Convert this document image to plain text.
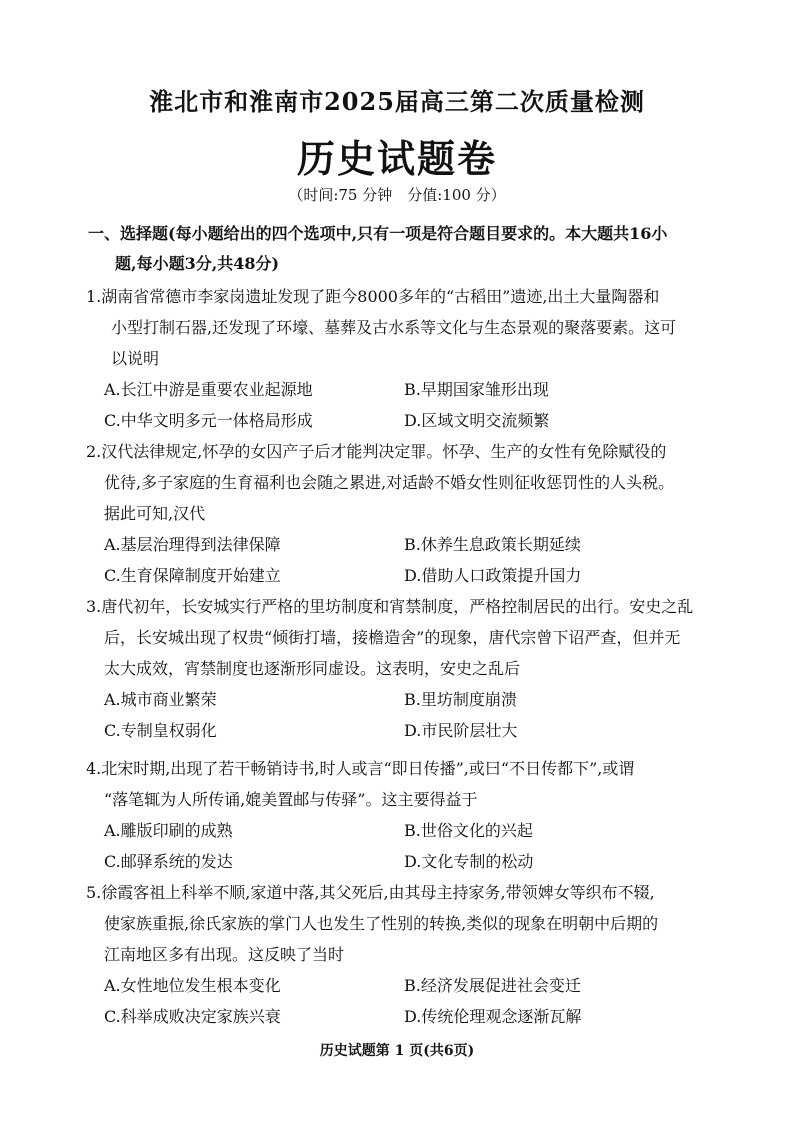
淮北市和淮南市2025届高三第二次质量检测
历史试题卷
（时间:75 分钟　分值:100 分）
一、选择题(每小题给出的四个选项中,只有一项是符合题目要求的。本大题共16小
题,每小题3分,共48分)
1.湖南省常德市李家岗遗址发现了距今8000多年的“古稻田”遗迹,出土大量陶器和
小型打制石器,还发现了环壕、墓葬及古水系等文化与生态景观的聚落要素。这可
以说明
A.长江中游是重要农业起源地	B.早期国家雏形出现
C.中华文明多元一体格局形成	D.区域文明交流频繁
2.汉代法律规定,怀孕的女囚产子后才能判决定罪。怀孕、生产的女性有免除赋役的
优待,多子家庭的生育福利也会随之累进,对适龄不婚女性则征收惩罚性的人头税。
据此可知,汉代
A.基层治理得到法律保障	B.休养生息政策长期延续
C.生育保障制度开始建立	D.借助人口政策提升国力
3.唐代初年，长安城实行严格的里坊制度和宵禁制度，严格控制居民的出行。安史之乱
后，长安城出现了权贵“倾街打墙，接檐造舍”的现象，唐代宗曾下诏严查，但并无
太大成效，宵禁制度也逐渐形同虚设。这表明，安史之乱后
A.城市商业繁荣	B.里坊制度崩溃
C.专制皇权弱化	D.市民阶层壮大
4.北宋时期,出现了若干畅销诗书,时人或言“即日传播”,或曰“不日传都下”,或谓
“落笔辄为人所传诵,媲美置邮与传驿”。这主要得益于
A.雕版印刷的成熟	B.世俗文化的兴起
C.邮驿系统的发达	D.文化专制的松动
5.徐霞客祖上科举不顺,家道中落,其父死后,由其母主持家务,带领婢女等织布不辍,
使家族重振,徐氏家族的掌门人也发生了性别的转换,类似的现象在明朝中后期的
江南地区多有出现。这反映了当时
A.女性地位发生根本变化	B.经济发展促进社会变迁
C.科举成败决定家族兴衰	D.传统伦理观念逐渐瓦解
历史试题第 1 页(共6页)
